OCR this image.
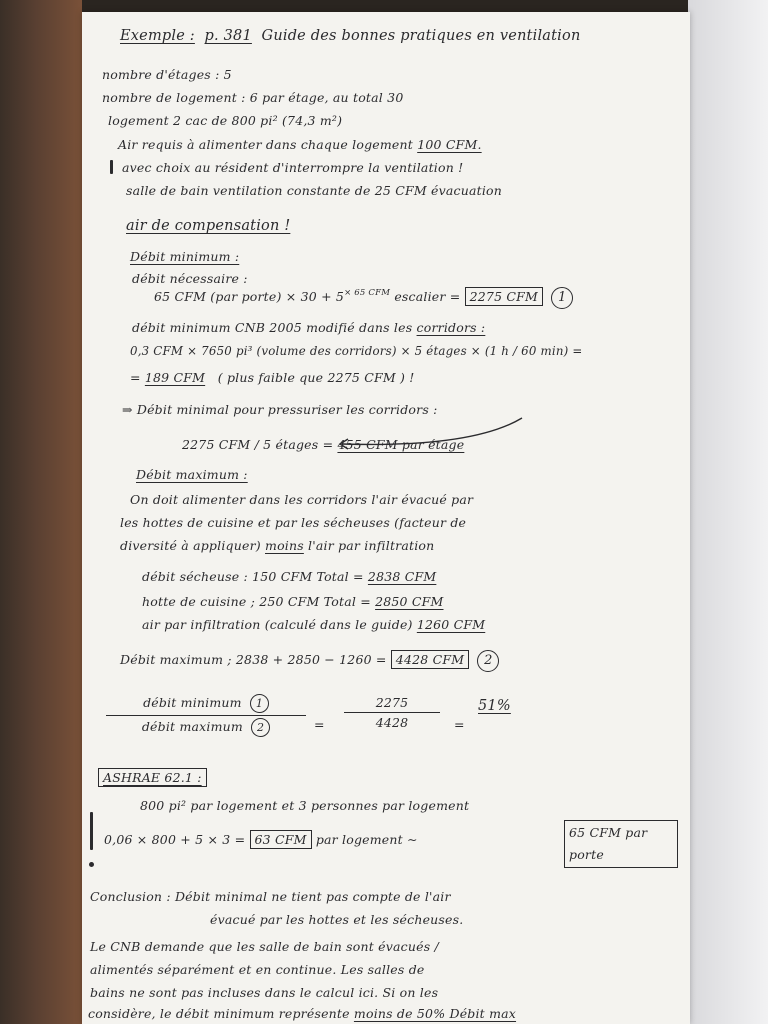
Exemple : p. 381 Guide des bonnes pratiques en ventilation
nombre d'étages : 5
nombre de logement : 6 par étage, au total 30
logement 2 cac de 800 pi² (74,3 m²)
Air requis à alimenter dans chaque logement 100 CFM.
avec choix au résident d'interrompre la ventilation !
salle de bain ventilation constante de 25 CFM évacuation
air de compensation !
Débit minimum :
débit nécessaire :
65 CFM (par porte) × $30 + 5^{\times 65 CFM}$ escalier = 2275 CFM 1
débit minimum CNB 2005 modifié dans les corridors :
0,3 CFM × 7650 pi³ (volume des corridors) × 5 étages × (1 h / 60 min) =
= 189 CFM ( plus faible que 2275 CFM ) !
⇒ Débit minimal pour pressuriser les corridors :
2275 CFM / 5 étages = 455 CFM par étage
Débit maximum :
On doit alimenter dans les corridors l'air évacué par
les hottes de cuisine et par les sécheuses (facteur de
diversité à appliquer) moins l'air par infiltration
débit sécheuse : 150 CFM Total = 2838 CFM
hotte de cuisine ; 250 CFM Total = 2850 CFM
air par infiltration (calculé dans le guide) 1260 CFM
Débit maximum ; 2838 + 2850 − 1260 = 4428 CFM 2
débit minimum 1
débit maximum 2	=
2275
4428	=
51%
ASHRAE 62.1 :
800 pi² par logement et 3 personnes par logement
0,06 × 800 + 5 × 3 = 63 CFM par logement ∼	65 CFM par porte
Conclusion : Débit minimal ne tient pas compte de l'air
évacué par les hottes et les sécheuses.
Le CNB demande que les salle de bain sont évacués /
alimentés séparément et en continue. Les salles de
bains ne sont pas incluses dans le calcul ici. Si on les
considère, le débit minimum représente moins de 50% Débit max
